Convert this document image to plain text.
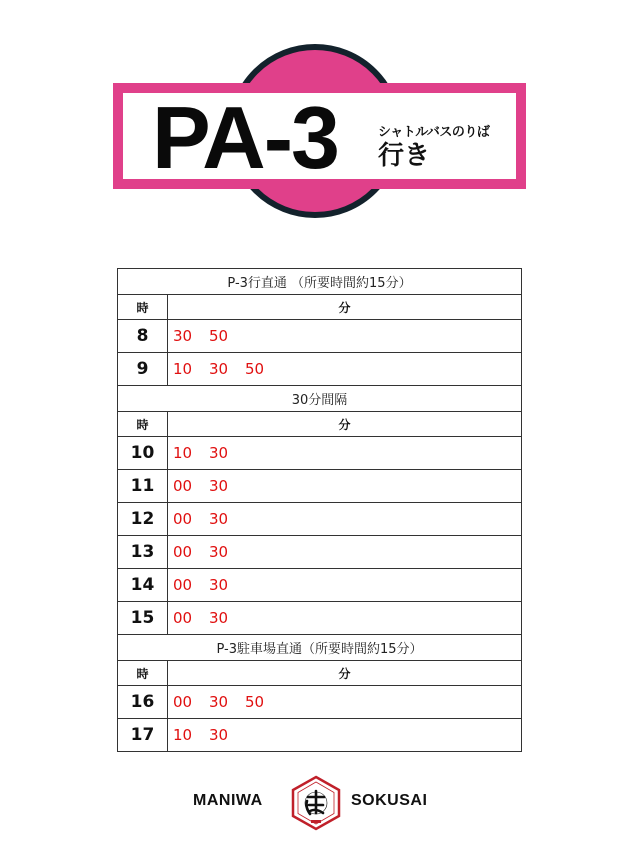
PA-3	シャトルバスのりば
行き
P-3行直通 （所要時間約15分）	
時	分
8	30 50
9	10 30 50
30分間隔	
時	分
10	10 30
11	00 30
12	00 30
13	00 30
14	00 30
15	00 30
P-3駐車場直通（所要時間約15分）	
時	分
16	00 30 50
17	10 30
MANIWA	SOKUSAI
